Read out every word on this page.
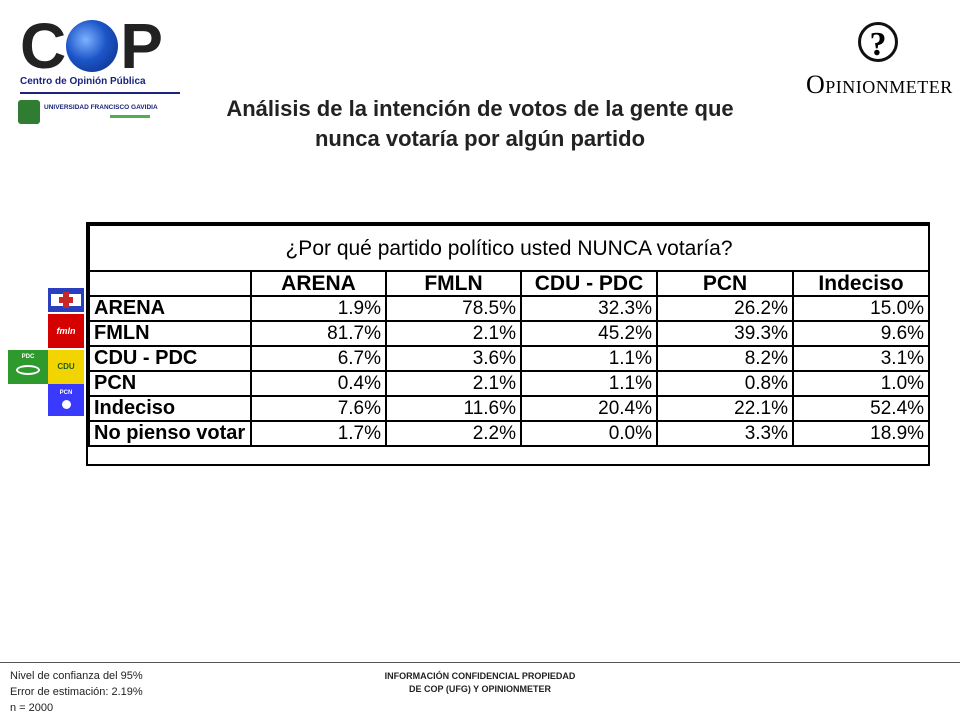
C P
Centro de Opinión Pública
UNIVERSIDAD FRANCISCO GAVIDIA
?
OPINIONMETER
Análisis de la intención de votos de la gente que
nunca votaría por algún partido
fmln
PDC
CDU
PCN
¿Por qué partido político usted NUNCA votaría?					
	ARENA	FMLN	CDU - PDC	PCN	Indeciso
ARENA	1.9%	78.5%	32.3%	26.2%	15.0%
FMLN	81.7%	2.1%	45.2%	39.3%	9.6%
CDU - PDC	6.7%	3.6%	1.1%	8.2%	3.1%
PCN	0.4%	2.1%	1.1%	0.8%	1.0%
Indeciso	7.6%	11.6%	20.4%	22.1%	52.4%
No pienso votar	1.7%	2.2%	0.0%	3.3%	18.9%
Nivel de confianza del 95%
Error de estimación: 2.19%
n = 2000
INFORMACIÓN CONFIDENCIAL PROPIEDAD
DE COP (UFG) Y OPINIONMETER
